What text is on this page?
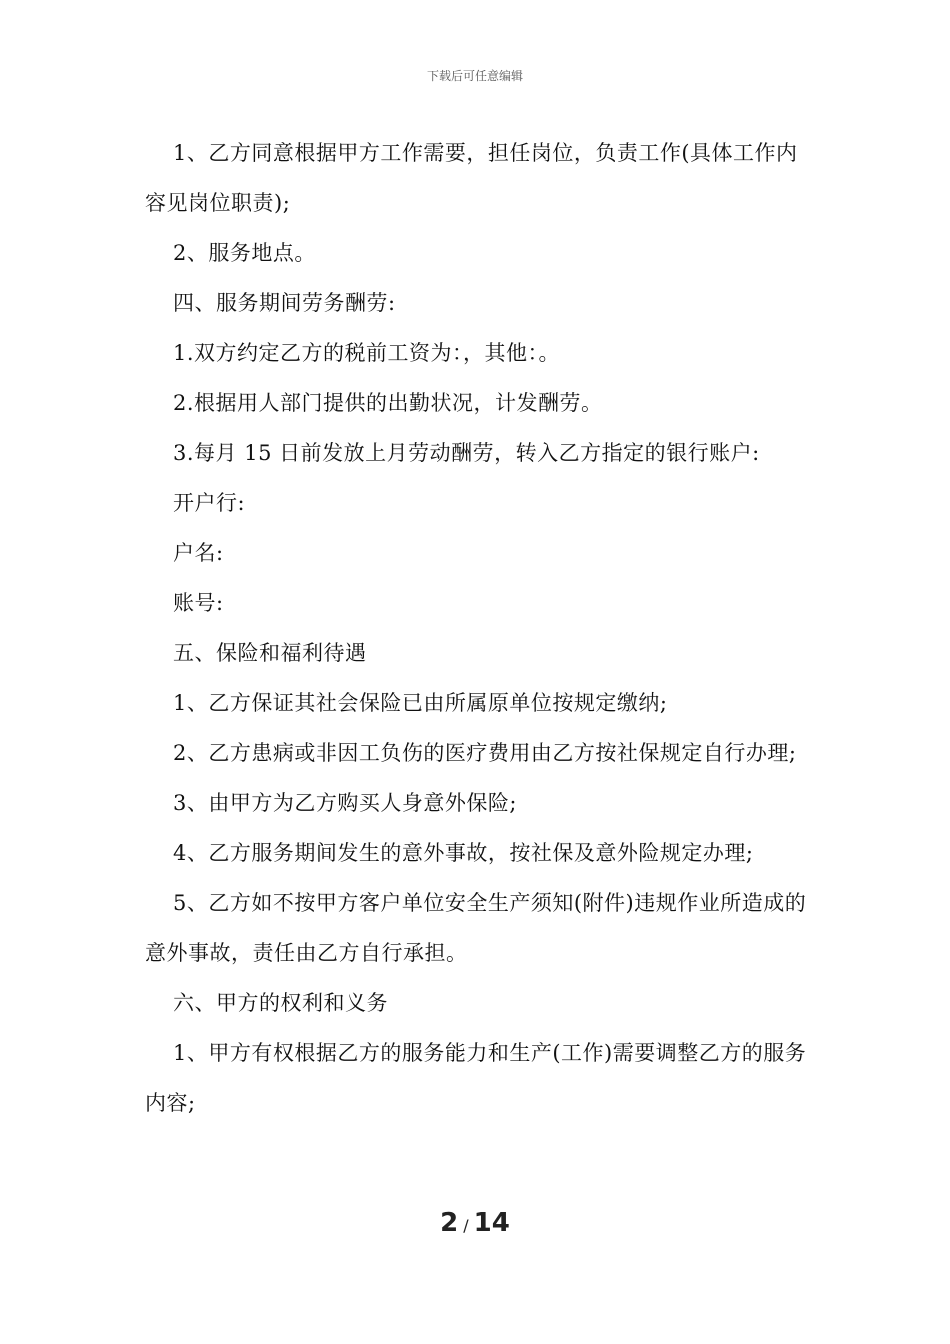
下载后可任意编辑

1、乙方同意根据甲方工作需要，担任岗位，负责工作(具体工作内容见岗位职责);

2、服务地点。

四、服务期间劳务酬劳:

1.双方约定乙方的税前工资为：，其他：。

2.根据用人部门提供的出勤状况，计发酬劳。

3.每月 15 日前发放上月劳动酬劳，转入乙方指定的银行账户:

开户行:

户名:

账号:

五、保险和福利待遇

1、乙方保证其社会保险已由所属原单位按规定缴纳;

2、乙方患病或非因工负伤的医疗费用由乙方按社保规定自行办理;

3、由甲方为乙方购买人身意外保险;

4、乙方服务期间发生的意外事故，按社保及意外险规定办理;

5、乙方如不按甲方客户单位安全生产须知(附件)违规作业所造成的意外事故，责任由乙方自行承担。

六、甲方的权利和义务

1、甲方有权根据乙方的服务能力和生产(工作)需要调整乙方的服务内容;

2 / 14
